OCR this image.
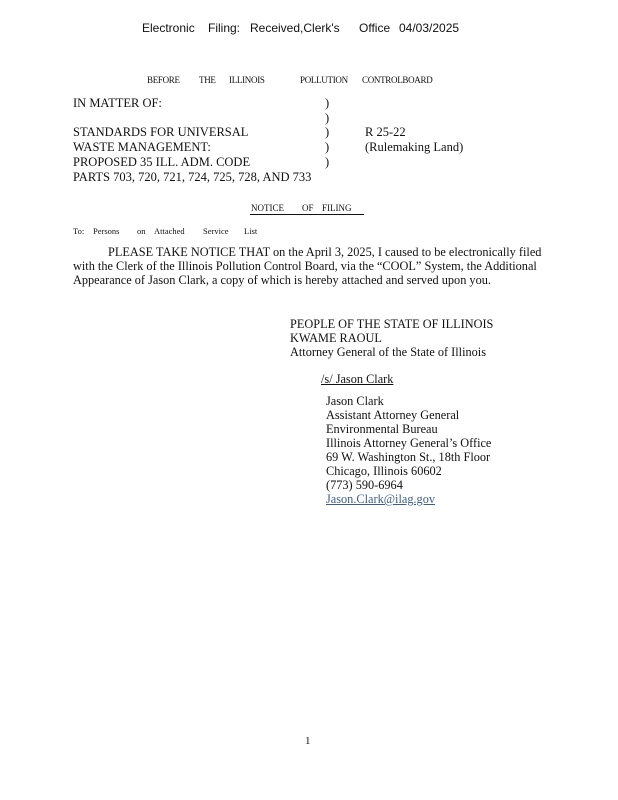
Electronic Filing: Received,Clerk's Office 04/03/2025
BEFORE THE ILLINOIS	POLLUTION CONTROLBOARD
IN MATTER OF:
STANDARDS FOR UNIVERSAL
WASTE MANAGEMENT:
PROPOSED 35 ILL. ADM. CODE
PARTS 703, 720, 721, 724, 725, 728, AND 733
)
)
)
)
)
R 25-22
(Rulemaking Land)
NOTICE OF FILING
To: Persons on Attached Service List
PLEASE TAKE NOTICE THAT on the April 3, 2025, I caused to be electronically filed
with the Clerk of the Illinois Pollution Control Board, via the “COOL” System, the Additional
Appearance of Jason Clark, a copy of which is hereby attached and served upon you.
PEOPLE OF THE STATE OF ILLINOIS
KWAME RAOUL
Attorney General of the State of Illinois
/s/ Jason Clark
Jason Clark
Assistant Attorney General
Environmental Bureau
Illinois Attorney General’s Office
69 W. Washington St., 18th Floor
Chicago, Illinois 60602
(773) 590-6964
Jason.Clark@ilag.gov
1
